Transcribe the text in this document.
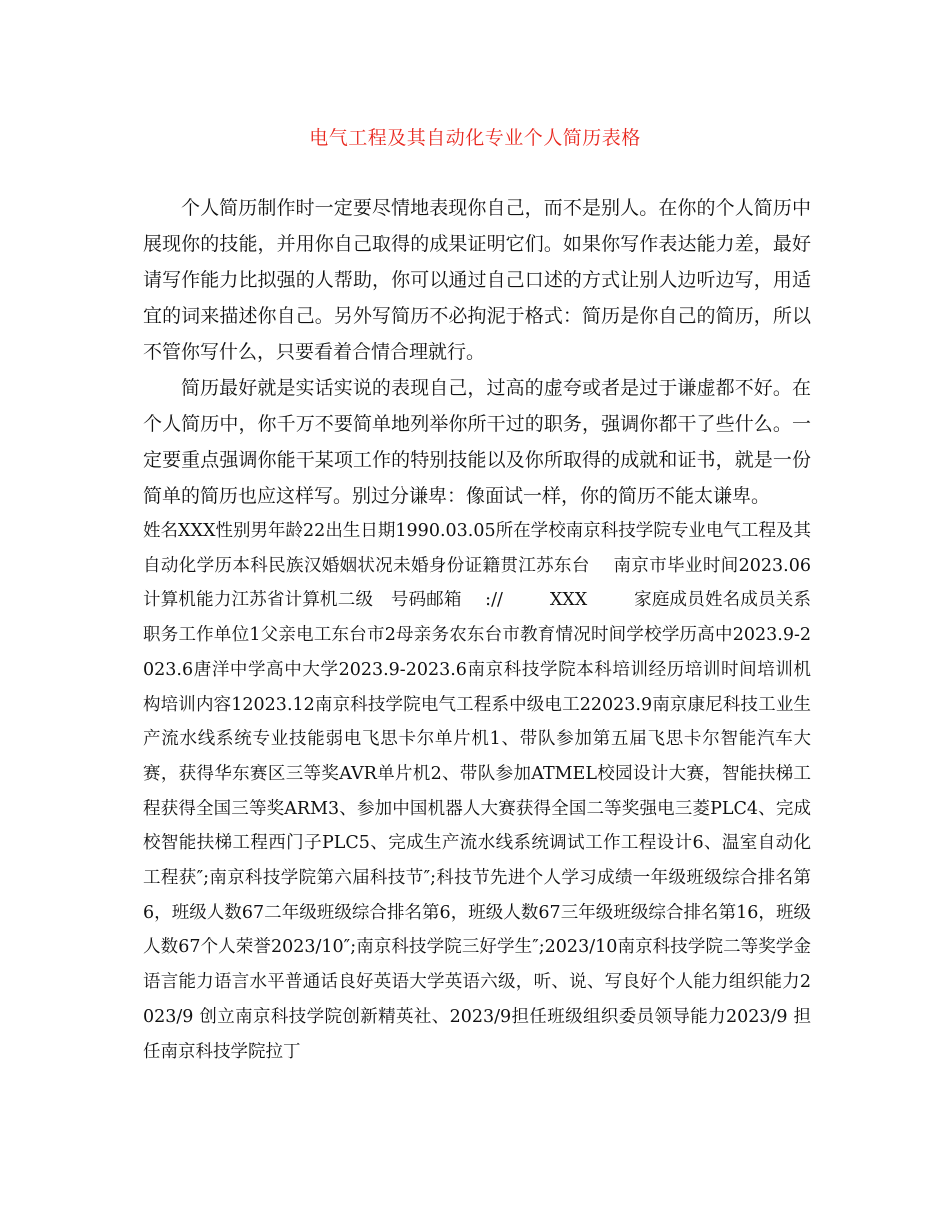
电气工程及其自动化专业个人简历表格

个人简历制作时一定要尽情地表现你自己，而不是别人。在你的个人简历中展现你的技能，并用你自己取得的成果证明它们。如果你写作表达能力差，最好请写作能力比拟强的人帮助，你可以通过自己口述的方式让别人边听边写，用适宜的词来描述你自己。另外写简历不必拘泥于格式：简历是你自己的简历，所以不管你写什么，只要看着合情合理就行。

简历最好就是实话实说的表现自己，过高的虚夸或者是过于谦虚都不好。在个人简历中，你千万不要简单地列举你所干过的职务，强调你都干了些什么。一定要重点强调你能干某项工作的特别技能以及你所取得的成就和证书，就是一份简单的简历也应这样写。别过分谦卑：像面试一样，你的简历不能太谦卑。

姓名XXX性别男年龄22出生日期1990.03.05所在学校南京科技学院专业电气工程及其自动化学历本科民族汉婚姻状况未婚身份证籍贯江苏东台　 南京市毕业时间2023.06计算机能力江苏省计算机二级　号码邮箱　 :// 　　 XXX 　　 家庭成员姓名成员关系职务工作单位1父亲电工东台市2母亲务农东台市教育情况时间学校学历高中2023.9-2023.6唐洋中学高中大学2023.9-2023.6南京科技学院本科培训经历培训时间培训机构培训内容12023.12南京科技学院电气工程系中级电工22023.9南京康尼科技工业生产流水线系统专业技能弱电飞思卡尔单片机1、带队参加第五届飞思卡尔智能汽车大赛，获得华东赛区三等奖AVR单片机2、带队参加ATMEL校园设计大赛，智能扶梯工程获得全国三等奖ARM3、参加中国机器人大赛获得全国二等奖强电三菱PLC4、完成校智能扶梯工程西门子PLC5、完成生产流水线系统调试工作工程设计6、温室自动化工程获″;南京科技学院第六届科技节″;科技节先进个人学习成绩一年级班级综合排名第6，班级人数67二年级班级综合排名第6，班级人数67三年级班级综合排名第16，班级人数67个人荣誉2023/10″;南京科技学院三好学生″;2023/10南京科技学院二等奖学金语言能力语言水平普通话良好英语大学英语六级，听、说、写良好个人能力组织能力2023/9 创立南京科技学院创新精英社、2023/9担任班级组织委员领导能力2023/9 担任南京科技学院拉丁
